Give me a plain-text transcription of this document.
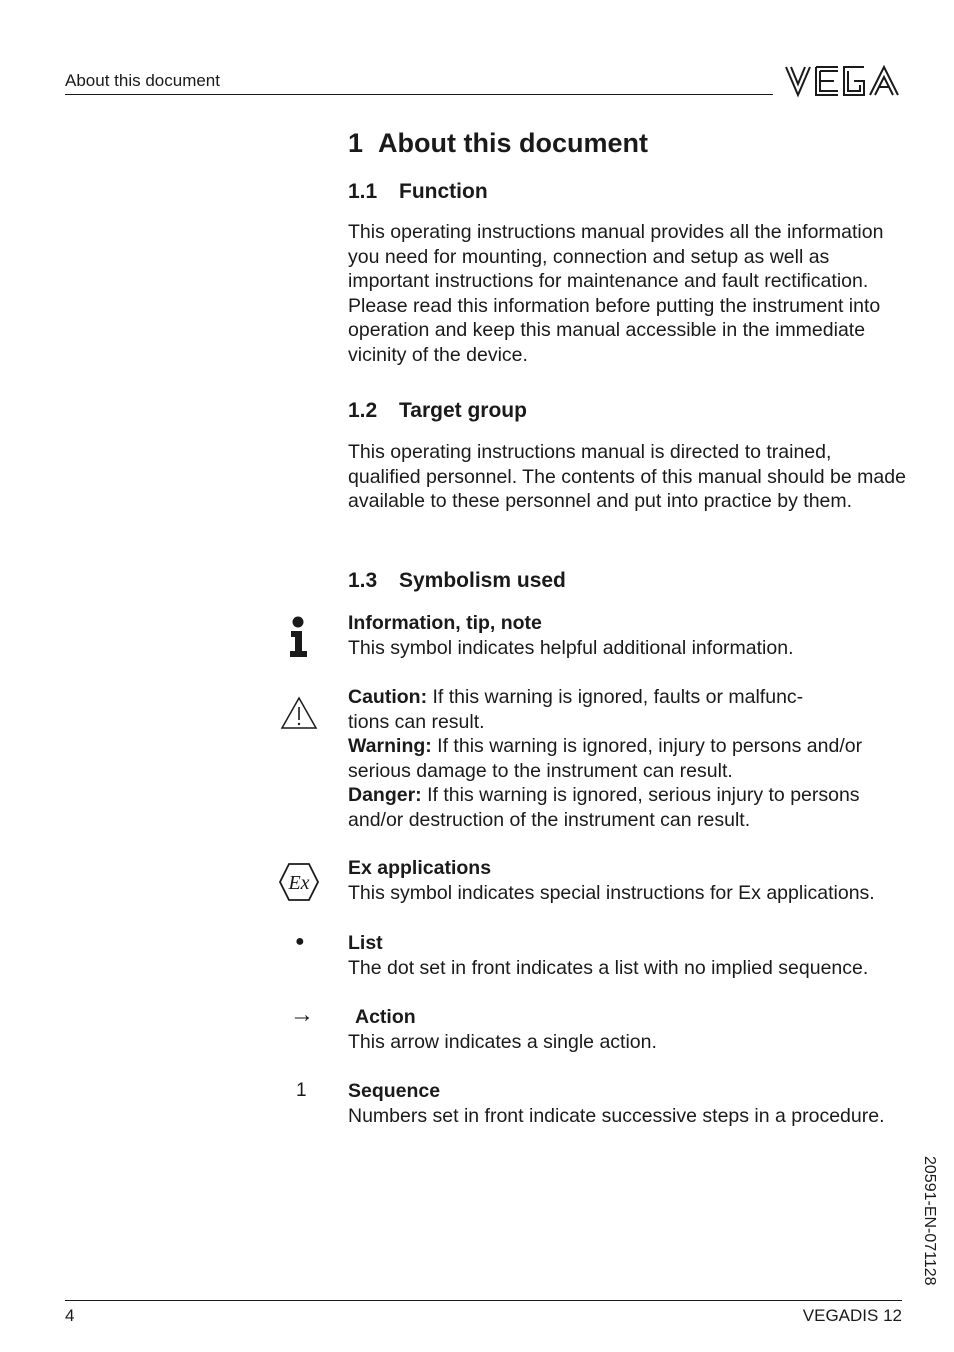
About this document
1 About this document
1.1 Function

This operating instructions manual provides all the information you need for mounting, connection and setup as well as important instructions for maintenance and fault rectification. Please read this information before putting the instrument into operation and keep this manual accessible in the immediate vicinity of the device.

1.2 Target group

This operating instructions manual is directed to trained, qualified personnel. The contents of this manual should be made available to these personnel and put into practice by them.

1.3 Symbolism used
Information, tip, note
This symbol indicates helpful additional information.
Caution: If this warning is ignored, faults or malfunc-
tions can result.
Warning: If this warning is ignored, injury to persons and/or serious damage to the instrument can result.
Danger: If this warning is ignored, serious injury to persons and/or destruction of the instrument can result.
Ex
Ex applications
This symbol indicates special instructions for Ex applications.
● List
The dot set in front indicates a list with no implied sequence.
→	Action
This arrow indicates a single action.
1 Sequence
Numbers set in front indicate successive steps in a procedure.
20591-EN-071128
4	VEGADIS 12
